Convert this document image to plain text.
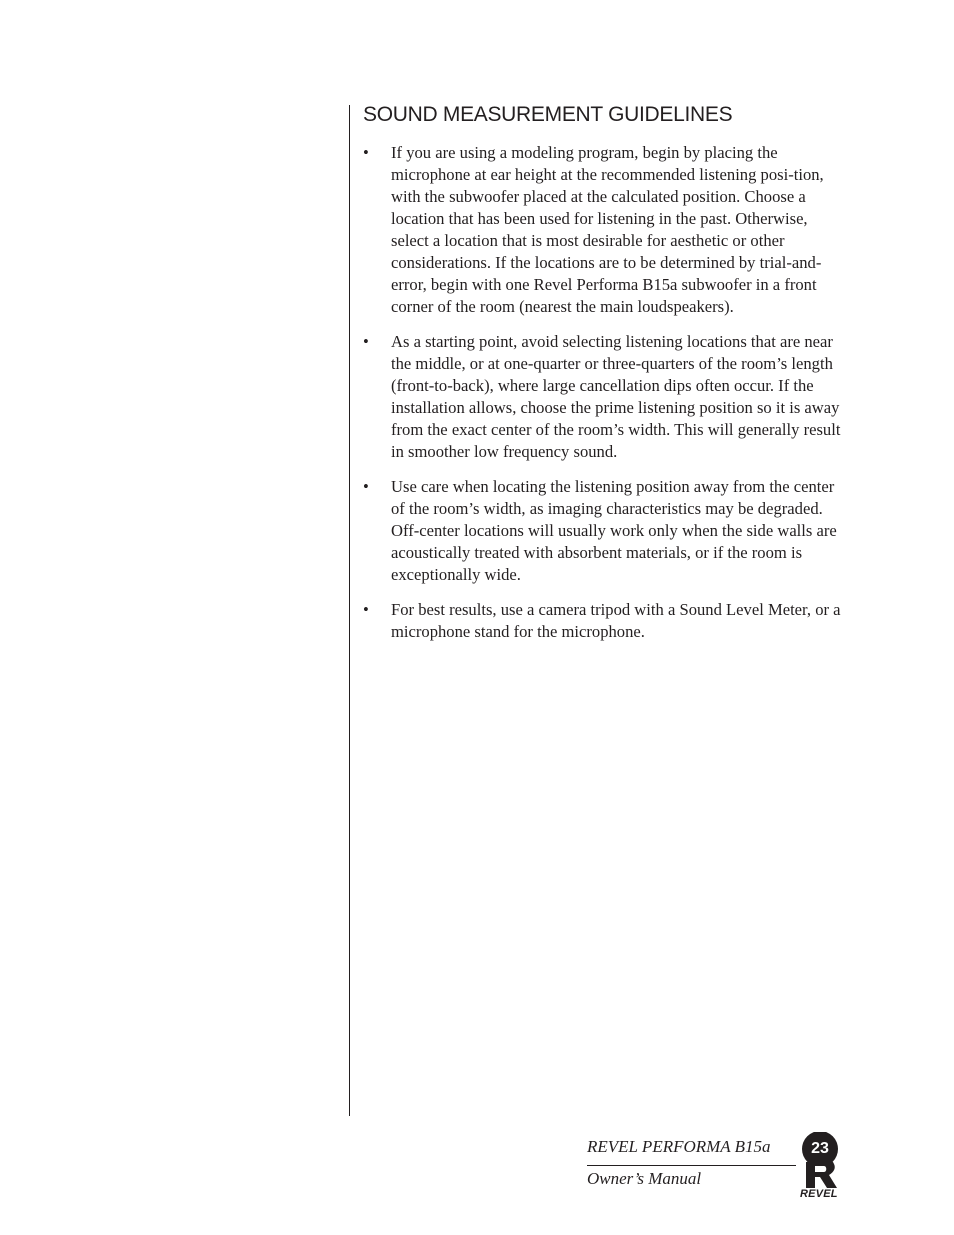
SOUND MEASUREMENT GUIDELINES
• If you are using a modeling program, begin by placing the microphone at ear height at the recommended listening posi-tion, with the subwoofer placed at the calculated position. Choose a location that has been used for listening in the past. Otherwise, select a location that is most desirable for aesthetic or other considerations. If the locations are to be determined by trial-and-error, begin with one Revel Performa B15a subwoofer in a front corner of the room (nearest the main loudspeakers).
• As a starting point, avoid selecting listening locations that are near the middle, or at one-quarter or three-quarters of the room’s length (front-to-back), where large cancellation dips often occur. If the installation allows, choose the prime listening position so it is away from the exact center of the room’s width. This will generally result in smoother low frequency sound.
• Use care when locating the listening position away from the center of the room’s width, as imaging characteristics may be degraded. Off-center locations will usually work only when the side walls are acoustically treated with absorbent materials, or if the room is exceptionally wide.
• For best results, use a camera tripod with a Sound Level Meter, or a microphone stand for the microphone.
REVEL PERFORMA B15a
Owner’s Manual
23
REVEL
